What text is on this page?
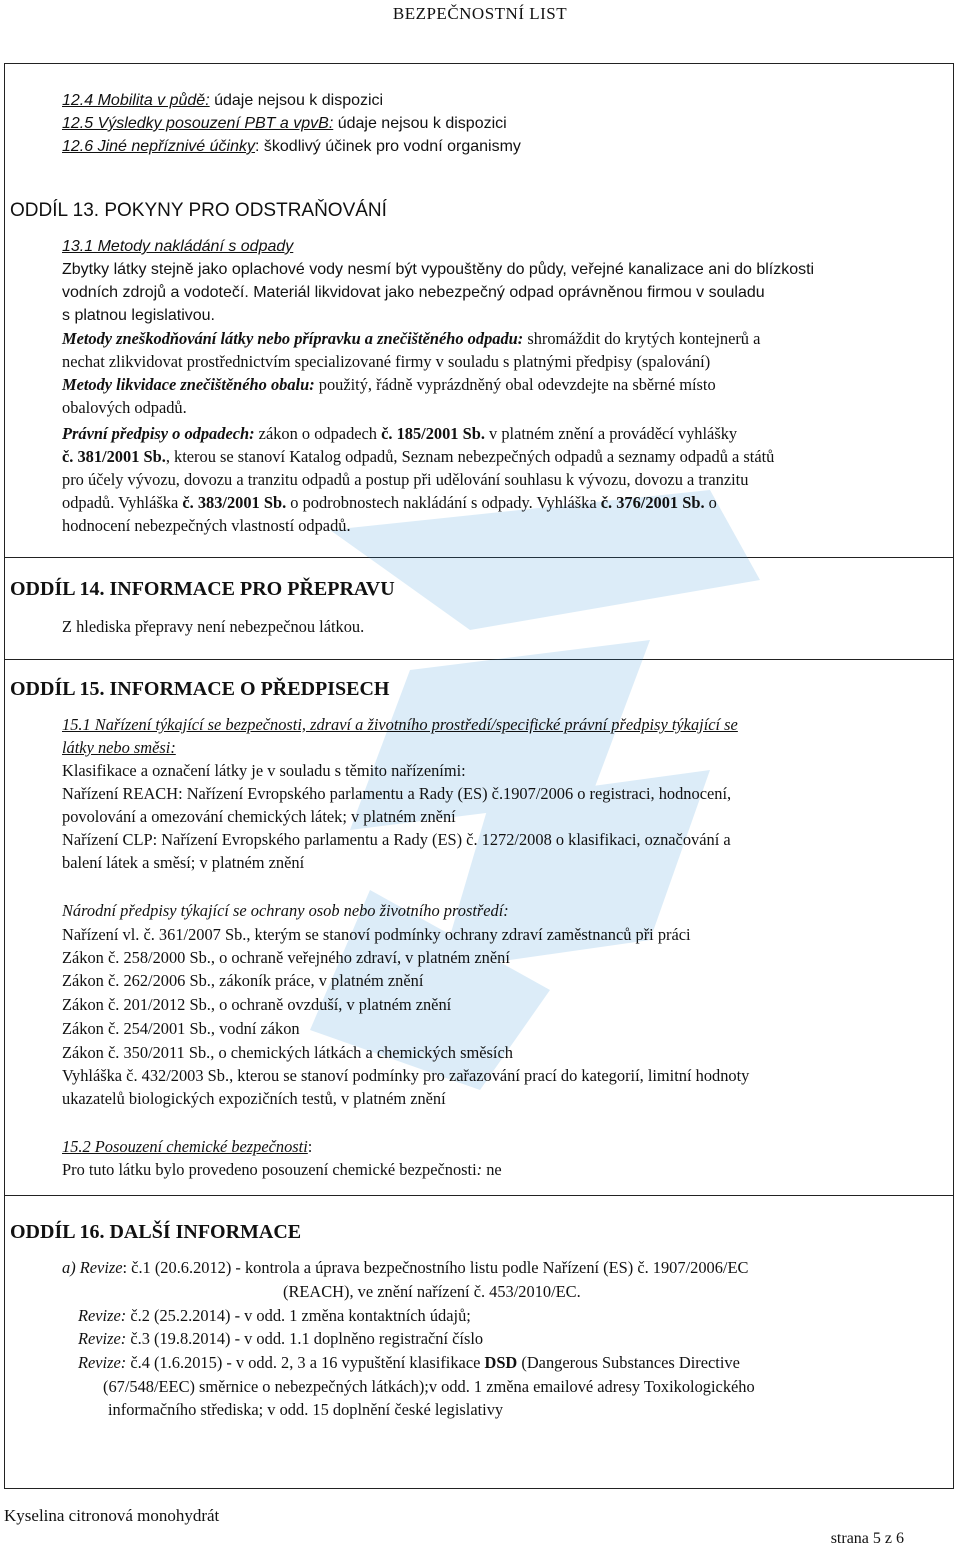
BEZPEČNOSTNÍ LIST
12.4 Mobilita v půdě: údaje nejsou k dispozici
12.5 Výsledky posouzení PBT a vpvB: údaje nejsou k dispozici
12.6 Jiné nepříznivé účinky: škodlivý účinek pro vodní organismy
ODDÍL 13. POKYNY PRO ODSTRAŇOVÁNÍ
13.1 Metody nakládání s odpady
Zbytky látky stejně jako oplachové vody nesmí být vypouštěny do půdy, veřejné kanalizace ani do blízkosti
vodních zdrojů a vodotečí. Materiál likvidovat jako nebezpečný odpad oprávněnou firmou v souladu
s platnou legislativou.
Metody zneškodňování látky nebo přípravku a znečištěného odpadu: shromáždit do krytých kontejnerů a
nechat zlikvidovat prostřednictvím specializované firmy v souladu s platnými předpisy (spalování)
Metody likvidace znečištěného obalu: použitý, řádně vyprázdněný obal odevzdejte na sběrné místo
obalových odpadů.
Právní předpisy o odpadech: zákon o odpadech č. 185/2001 Sb. v platném znění a prováděcí vyhlášky
č. 381/2001 Sb., kterou se stanoví Katalog odpadů, Seznam nebezpečných odpadů a seznamy odpadů a států
pro účely vývozu, dovozu a tranzitu odpadů a postup při udělování souhlasu k vývozu, dovozu a tranzitu
odpadů. Vyhláška č. 383/2001 Sb. o podrobnostech nakládání s odpady. Vyhláška č. 376/2001 Sb. o
hodnocení nebezpečných vlastností odpadů.
ODDÍL 14. INFORMACE PRO PŘEPRAVU
Z hlediska přepravy není nebezpečnou látkou.
ODDÍL 15. INFORMACE O PŘEDPISECH
15.1 Nařízení týkající se bezpečnosti, zdraví a životního prostředí/specifické právní předpisy týkající se
látky nebo směsi:
Klasifikace a označení látky je v souladu s těmito nařízeními:
Nařízení REACH: Nařízení Evropského parlamentu a Rady (ES) č.1907/2006 o registraci, hodnocení,
povolování a omezování chemických látek; v platném znění
Nařízení CLP: Nařízení Evropského parlamentu a Rady (ES) č. 1272/2008 o klasifikaci, označování a
balení látek a směsí; v platném znění
Národní předpisy týkající se ochrany osob nebo životního prostředí:
Nařízení vl. č. 361/2007 Sb., kterým se stanoví podmínky ochrany zdraví zaměstnanců při práci
Zákon č. 258/2000 Sb., o ochraně veřejného zdraví, v platném znění
Zákon č. 262/2006 Sb., zákoník práce, v platném znění
Zákon č. 201/2012 Sb., o ochraně ovzduší, v platném znění
Zákon č. 254/2001 Sb., vodní zákon
Zákon č. 350/2011 Sb., o chemických látkách a chemických směsích
Vyhláška č. 432/2003 Sb., kterou se stanoví podmínky pro zařazování prací do kategorií, limitní hodnoty
ukazatelů biologických expozičních testů, v platném znění
15.2 Posouzení chemické bezpečnosti:
Pro tuto látku bylo provedeno posouzení chemické bezpečnosti: ne
ODDÍL 16. DALŠÍ INFORMACE
a) Revize: č.1 (20.6.2012) - kontrola a úprava bezpečnostního listu podle Nařízení (ES) č. 1907/2006/EC
(REACH), ve znění nařízení č. 453/2010/EC.
Revize: č.2 (25.2.2014) - v odd. 1 změna kontaktních údajů;
Revize: č.3 (19.8.2014) - v odd. 1.1 doplněno registrační číslo
Revize: č.4 (1.6.2015) - v odd. 2, 3 a 16 vypuštění klasifikace DSD (Dangerous Substances Directive
(67/548/EEC) směrnice o nebezpečných látkách);v odd. 1 změna emailové adresy Toxikologického
informačního střediska; v odd. 15 doplnění české legislativy
Kyselina citronová monohydrát
strana 5 z 6
